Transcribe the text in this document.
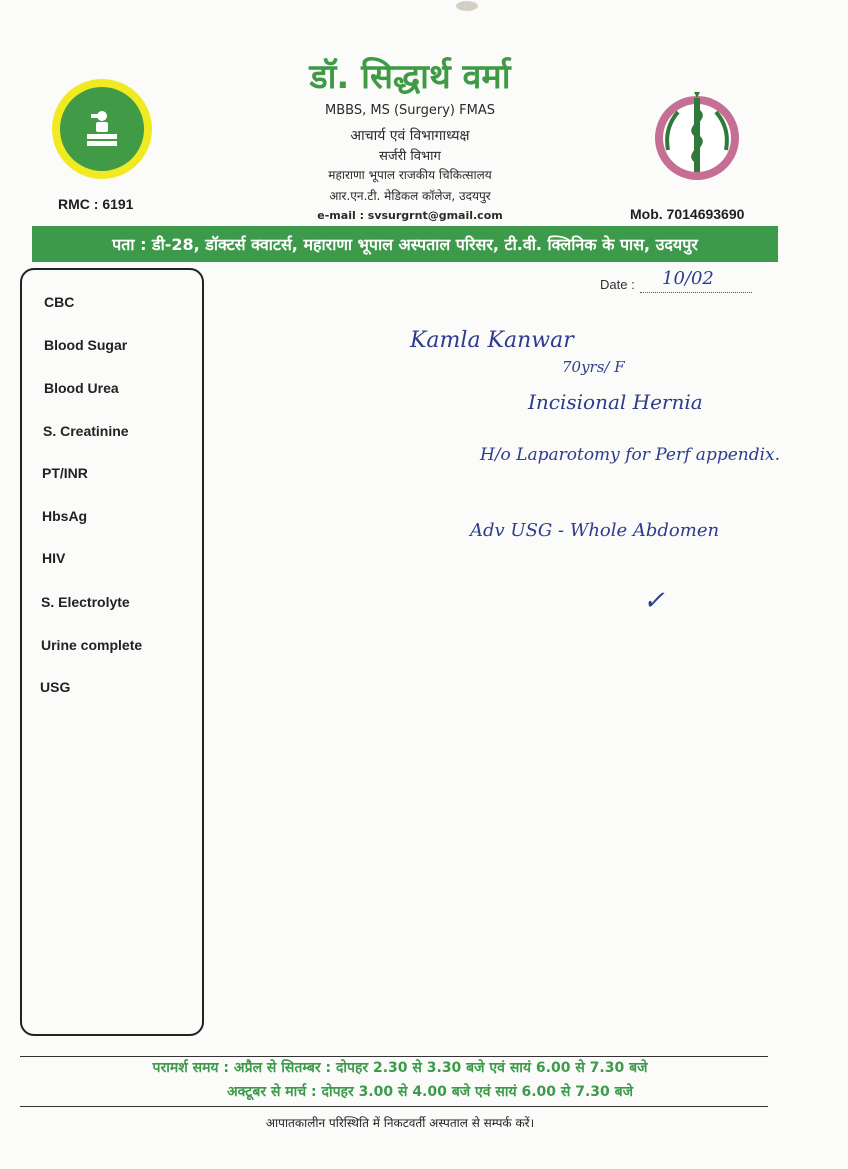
डॉ. सिद्धार्थ वर्मा
MBBS, MS (Surgery) FMAS
आचार्य एवं विभागाध्यक्ष
सर्जरी विभाग
महाराणा भूपाल राजकीय चिकित्सालय
आर.एन.टी. मेडिकल कॉलेज, उदयपुर
e-mail : svsurgrnt@gmail.com
RMC : 6191
Mob. 7014693690
पता : डी-28, डॉक्टर्स क्वाटर्स, महाराणा भूपाल अस्पताल परिसर, टी.वी. क्लिनिक के पास, उदयपुर
CBC
Blood Sugar
Blood Urea
S. Creatinine
PT/INR
HbsAg
HIV
S. Electrolyte
Urine complete
USG
Date : 10/02
Kamla Kanwar
70yrs/ F
Incisional Hernia
H/o Laparotomy for Perf appendix.
Adv USG - Whole Abdomen
✓
परामर्श समय : अप्रैल से सितम्बर : दोपहर 2.30 से 3.30 बजे एवं सायं 6.00 से 7.30 बजे
अक्टूबर से मार्च : दोपहर 3.00 से 4.00 बजे एवं सायं 6.00 से 7.30 बजे
आपातकालीन परिस्थिति में निकटवर्ती अस्पताल से सम्पर्क करें।
